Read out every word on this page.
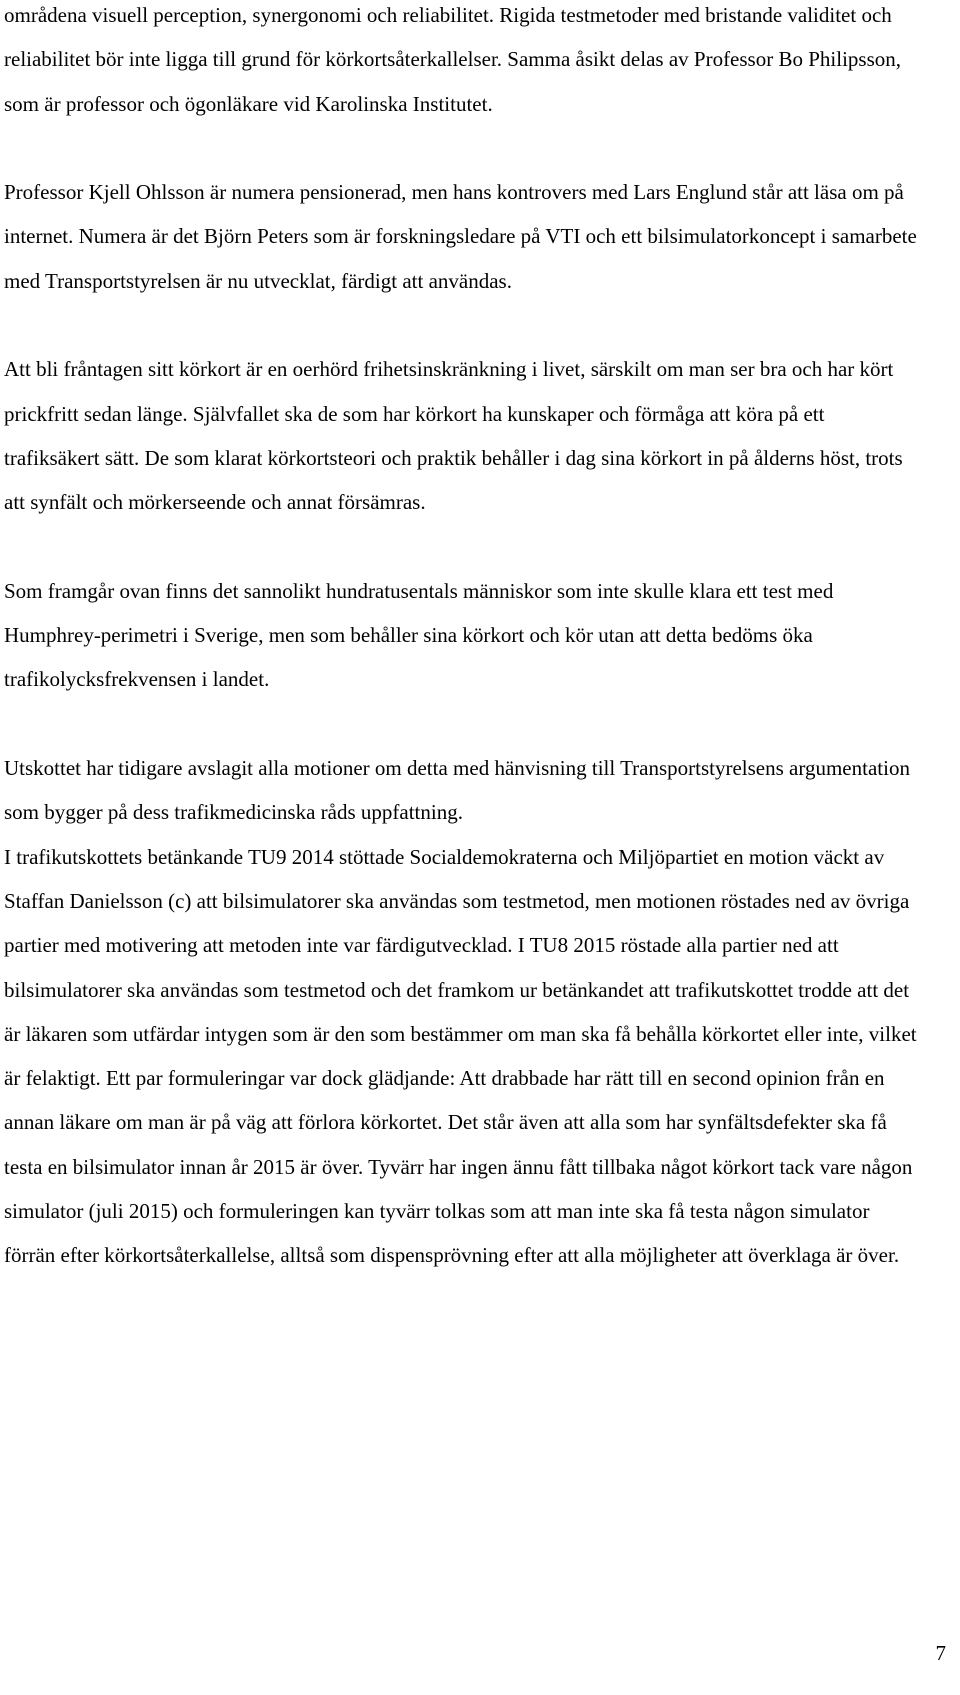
områdena visuell perception, synergonomi och reliabilitet. Rigida testmetoder med bristande validitet och reliabilitet bör inte ligga till grund för körkortsåterkallelser. Samma åsikt delas av Professor Bo Philipsson, som är professor och ögonläkare vid Karolinska Institutet.

Professor Kjell Ohlsson är numera pensionerad, men hans kontrovers med Lars Englund står att läsa om på internet. Numera är det Björn Peters som är forskningsledare på VTI och ett bilsimulatorkoncept i samarbete med Transportstyrelsen är nu utvecklat, färdigt att användas.

Att bli fråntagen sitt körkort är en oerhörd frihetsinskränkning i livet, särskilt om man ser bra och har kört prickfritt sedan länge. Självfallet ska de som har körkort ha kunskaper och förmåga att köra på ett trafiksäkert sätt. De som klarat körkortsteori och praktik behåller i dag sina körkort in på ålderns höst, trots att synfält och mörkerseende och annat försämras.

Som framgår ovan finns det sannolikt hundratusentals människor som inte skulle klara ett test med Humphrey-perimetri i Sverige, men som behåller sina körkort och kör utan att detta bedöms öka trafikolycksfrekvensen i landet.

Utskottet har tidigare avslagit alla motioner om detta med hänvisning till Transportstyrelsens argumentation som bygger på dess trafikmedicinska råds uppfattning.

I trafikutskottets betänkande TU9 2014 stöttade Socialdemokraterna och Miljöpartiet en motion väckt av Staffan Danielsson (c) att bilsimulatorer ska användas som testmetod, men motionen röstades ned av övriga partier med motivering att metoden inte var färdigutvecklad. I TU8 2015 röstade alla partier ned att bilsimulatorer ska användas som testmetod och det framkom ur betänkandet att trafikutskottet trodde att det är läkaren som utfärdar intygen som är den som bestämmer om man ska få behålla körkortet eller inte, vilket är felaktigt. Ett par formuleringar var dock glädjande: Att drabbade har rätt till en second opinion från en annan läkare om man är på väg att förlora körkortet. Det står även att alla som har synfältsdefekter ska få testa en bilsimulator innan år 2015 är över. Tyvärr har ingen ännu fått tillbaka något körkort tack vare någon simulator (juli 2015) och formuleringen kan tyvärr tolkas som att man inte ska få testa någon simulator förrän efter körkortsåterkallelse, alltså som dispensprövning efter att alla möjligheter att överklaga är över.

7
